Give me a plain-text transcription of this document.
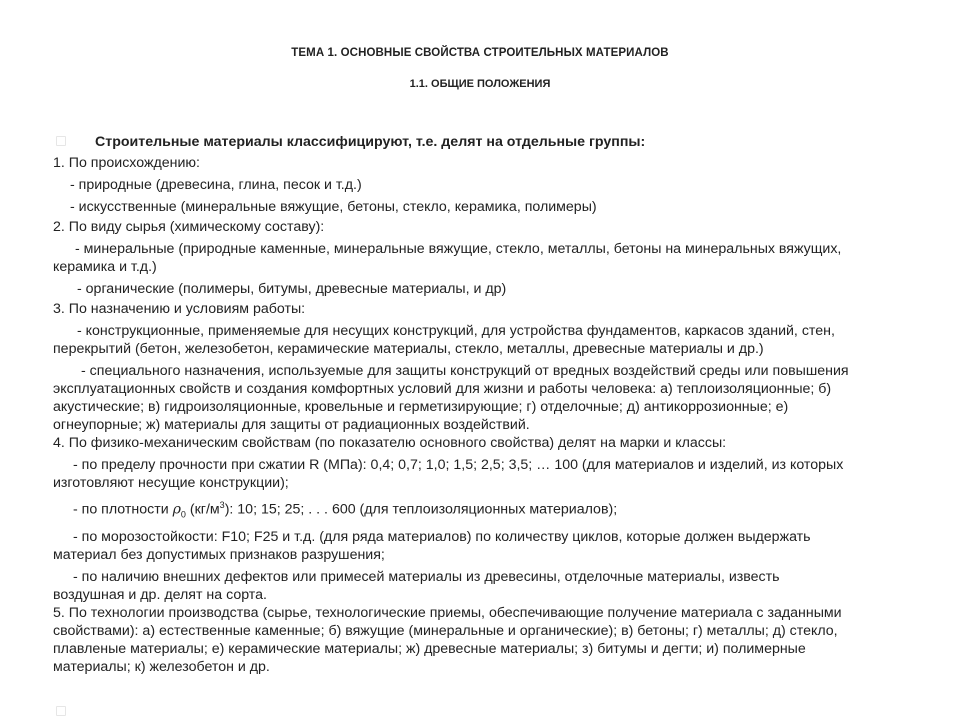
ТЕМА 1. ОСНОВНЫЕ СВОЙСТВА СТРОИТЕЛЬНЫХ МАТЕРИАЛОВ
1.1. ОБЩИЕ ПОЛОЖЕНИЯ
Строительные материалы классифицируют, т.е. делят на отдельные группы:
1. По происхождению:
- природные (древесина, глина, песок и т.д.)
- искусственные (минеральные вяжущие, бетоны, стекло, керамика, полимеры)
2. По виду сырья (химическому составу):
- минеральные (природные каменные, минеральные вяжущие, стекло, металлы, бетоны на минеральных вяжущих,
керамика и т.д.)
- органические (полимеры, битумы, древесные материалы, и др)
3. По назначению и условиям работы:
- конструкционные, применяемые для несущих конструкций, для устройства фундаментов, каркасов зданий, стен,
перекрытий (бетон, железобетон, керамические материалы, стекло, металлы, древесные материалы и др.)
- специального назначения, используемые для защиты конструкций от вредных воздействий среды или повышения
эксплуатационных свойств и создания комфортных условий для жизни и работы человека: а) теплоизоляционные; б)
акустические; в) гидроизоляционные, кровельные и герметизирующие; г) отделочные; д) антикоррозионные; е)
огнеупорные; ж) материалы для защиты от радиационных воздействий.
4. По физико-механическим свойствам (по показателю основного свойства) делят на марки и классы:
- по пределу прочности при сжатии R (МПа): 0,4; 0,7; 1,0; 1,5; 2,5; 3,5; … 100 (для материалов и изделий, из которых
изготовляют несущие конструкции);
- по плотности $\rho_0$ $(кг/м^3)$: 10; 15; 25; . . . 600 (для теплоизоляционных материалов);
- по морозостойкости: F10; F25 и т.д. (для ряда материалов) по количеству циклов, которые должен выдержать
материал без допустимых признаков разрушения;
- по наличию внешних дефектов или примесей материалы из древесины, отделочные материалы, известь
воздушная и др. делят на сорта.
5. По технологии производства (сырье, технологические приемы, обеспечивающие получение материала с заданными
свойствами): а) естественные каменные; б) вяжущие (минеральные и органические); в) бетоны; г) металлы; д) стекло,
плавленые материалы; е) керамические материалы; ж) древесные материалы; з) битумы и дегти; и) полимерные
материалы; к) железобетон и др.
